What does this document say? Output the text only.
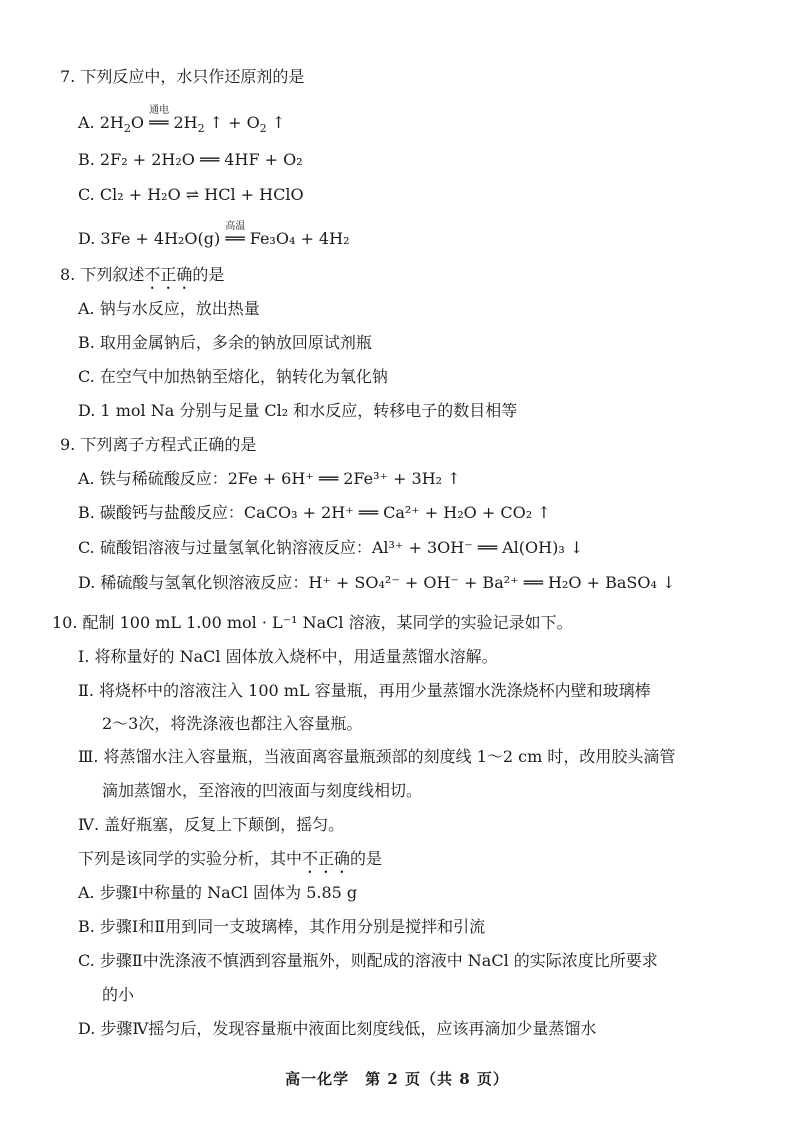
7. 下列反应中，水只作还原剂的是
A. $2H_2O$
通电
══ $2H_2$ ↑ + $O_2$ ↑
B. 2F₂ + 2H₂O ══ 4HF + O₂
C. Cl₂ + H₂O ⇌ HCl + HClO
D. 3Fe + 4H₂O(g)
高温
══ Fe₃O₄ + 4H₂
8. 下列叙述不正确的是
A. 钠与水反应，放出热量
B. 取用金属钠后，多余的钠放回原试剂瓶
C. 在空气中加热钠至熔化，钠转化为氧化钠
D. 1 mol Na 分别与足量 Cl₂ 和水反应，转移电子的数目相等
9. 下列离子方程式正确的是
A. 铁与稀硫酸反应：2Fe + 6H⁺ ══ 2Fe³⁺ + 3H₂ ↑
B. 碳酸钙与盐酸反应：CaCO₃ + 2H⁺ ══ Ca²⁺ + H₂O + CO₂ ↑
C. 硫酸铝溶液与过量氢氧化钠溶液反应：Al³⁺ + 3OH⁻ ══ Al(OH)₃ ↓
D. 稀硫酸与氢氧化钡溶液反应：H⁺ + SO₄²⁻ + OH⁻ + Ba²⁺ ══ H₂O + BaSO₄ ↓
10. 配制 100 mL 1.00 mol · L⁻¹ NaCl 溶液，某同学的实验记录如下。
Ⅰ. 将称量好的 NaCl 固体放入烧杯中，用适量蒸馏水溶解。
Ⅱ. 将烧杯中的溶液注入 100 mL 容量瓶，再用少量蒸馏水洗涤烧杯内壁和玻璃棒
2～3次，将洗涤液也都注入容量瓶。
Ⅲ. 将蒸馏水注入容量瓶，当液面离容量瓶颈部的刻度线 1～2 cm 时，改用胶头滴管
滴加蒸馏水，至溶液的凹液面与刻度线相切。
Ⅳ. 盖好瓶塞，反复上下颠倒，摇匀。
下列是该同学的实验分析，其中不正确的是
A. 步骤Ⅰ中称量的 NaCl 固体为 5.85 g
B. 步骤Ⅰ和Ⅱ用到同一支玻璃棒，其作用分别是搅拌和引流
C. 步骤Ⅱ中洗涤液不慎洒到容量瓶外，则配成的溶液中 NaCl 的实际浓度比所要求
的小
D. 步骤Ⅳ摇匀后，发现容量瓶中液面比刻度线低，应该再滴加少量蒸馏水
高一化学　第 2 页（共 8 页）
